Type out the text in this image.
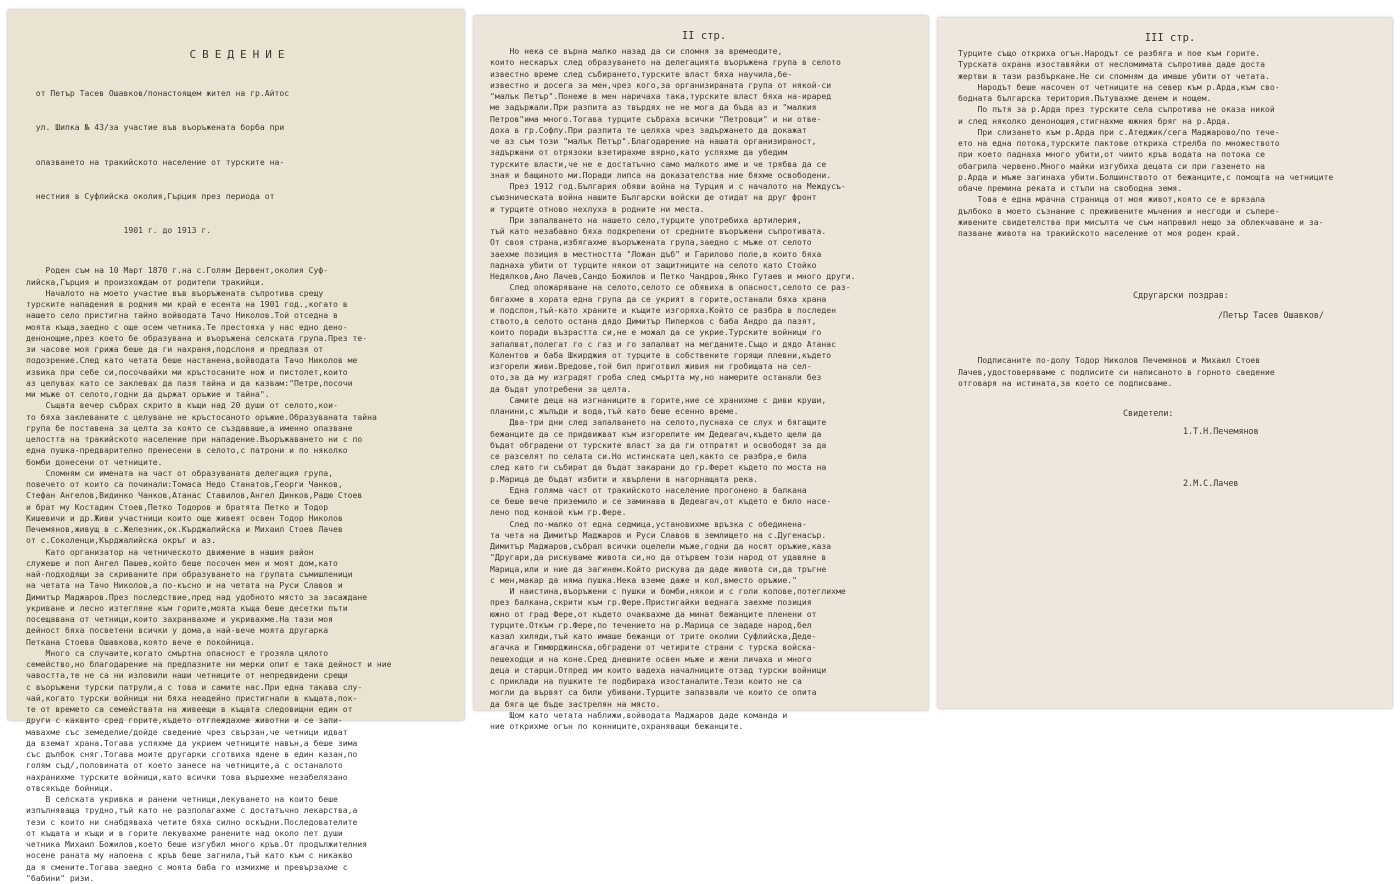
СВЕДЕНИЕ

от Петър Тасев Ошавков/понастоящем жител на гр.Айтос

ул. Шипка № 43/за участие във въоръжената борба при

опазването на тракийското население от турските на-

нестния в Суфлийска околия,Гърция през периода от

1901 г. до 1913 г.

Роден съм на 10 Март 1870 г.на с.Голям Дервент,околия Суф-
лийска,Гърция и произхождам от родители тракийци.
Началото на моето участие във въоръжената съпротива срещу
турските нападения в родния ми край е есента на 1901 год.,когато в
нашето село пристигна тайно войводата Тачо Николов.Той отседна в
моята къща,заедно с още осем четника.Те престояха у нас едно дено-
денонощие,през което бе образувана и въоръжена селската група.През те-
зи часове моя грижа беше да ги нахраня,подслоня и предпазя от
подозрение.След като четата беше настанена,войводата Тачо Николов ме
извика при себе си,посочвайки ми кръстосаните нож и пистолет,които
аз целувах като се заклевах да пазя тайна и да казвам:"Петре,посочи
ми мъже от селото,годни да държат оръжие и тайна".
Същата вечер събрах скрито в къщи над 20 души от селото,кои-
то бяха заклеваните с целуване не кръстосаното оръжие.Образуваната тайна
група бе поставена за целта за която се създаваше,а именно опазване
целостта на тракийското население при нападение.Въоръжаването ни с по
една пушка-предварително пренесени в селото,с патрони и по няколко
бомби донесени от четниците.
Спомням си имената на част от образуваната делегация група,
повечето от които са починали:Томаса Недо Станатов,Георги Чанков,
Стефан Ангелов,Видинко Чанков,Атанас Ставилов,Ангел Динков,Радю Стоев
и брат му Костадин Стоев,Петко Тодоров и братята Петко и Тодор
Кишевичи и др.Живи участници които още живеят освен Тодор Николов
Печемянов,живущ в с.Железник,ок.Кърджалийска и Михаил Стоев Лачев
от с.Соколенци,Кърджалийска окръг и аз.
Като организатор на четническото движение в нашия район
служеше и поп Ангел Пашев,който беше посочен мен и моят дом,като
най-подходящи за скриваните при образуването на групата съмишленици
на четата на Тачо Николов,а по-късно и на четата на Руси Славов и
Димитър Маджаров.През последствие,пред над удобното място за засаждане
укриване и лесно изтегляне към горите,моята къща беше десетки пъти
посещавана от четници,които захранвахме и укривахме.На тази моя
дейност бяха посветени всички у дома,а най-вече моята другарка
Петкана Стоева Ошавкова,която вече е покойница.
Много са случаите,когато смъртна опасност е грозяла цялото
семейство,но благодарение на предпазните ни мерки опит е така дейност и ние
чавостта,те не са ни изловили наши четниците от непредвидени срещи
с въоръжени турски патрули,а с това и самите нас.При една такава слу-
чай,когато турски войници ни бяха неадейно пристигнали в къщата,пок-
те от времето са семействата на живеещи в къщата следовищни един от
други с каквито сред горите,където отглеждахме животни и се запи-
мавахме със земеделие/дойде сведение чрез свързан,че четници идват
да вземат храна.Тогава успяхме да укрием четниците навън,а беше зима
със дълбок сняг.Тогава моите другарки сготвиха ядене в един казан,по
голям съд/,половината от което занесе на четниците,а с останалото
нахранихме турските войници,като всички това вършехме незабелязано
отвсякъде бойници.
В селската укривка и ранени четници,лекуването на които беше
изпълняваща трудно,тъй като не разполагахме с достатъчно лекарства,а
тези с които ни снабдяваха четите бяха силно оскъдни.Последователите
от къщата и къщи и в горите лекувахме ранените над около пет души
четника Михаил Божилов,което беше изгубил много кръв.От продължителния
носене раната му напоена с кръв беше загнила,тъй като към с никакво
да я смените.Тогава заедно с моята баба го измихме и превързахме с
"бабини" ризи.
II стр.
Но нека се върна малко назад да си спомня за времеодите,
които нескаръх след образуването на делегацията въоръжена група в селото
известно време след събирането,турските власт бяха научила,бе-
известно и досега за мен,чрез кого,за организираната група от някой-си
"малък Петър".Понеже в мен наричаха така,турските власт бяха на-ираред
ме задържали.При разпита аз твърдях не не мога да бъда аз и "малкия
Петров"има много.Тогава турците събраха всички "Петровци" и ни отве-
доха в гр.Софлу.При разпита те целяха чрез задържането да докажат
че аз съм този "малък Петър".Благодарение на нашата организираност,
задържани от отрязоки взетирахме вярно,като успяхме да убедим
турските власти,че не е достатъчно само малкото име и че трябва да се
зная и бащиното ми.Поради липса на доказателства ние бяхме освободени.
През 1912 год.България обяви война на Турция и с началото на Междусъ-
съюзническата война нашите Български войски де отидат на друг фронт
и турците отново нехлуха в родните ни места.
При запалването на нашето село,турците употребиха артилерия,
тъй като незабавно бяха подкрепени от средните въоръжени съпротивата.
От своя страна,избягахме въоръжената група,заедно с мъже от селото
заехме позиция в местността "Ложан дъб" и Гарилово поле,в които бяха
паднаха убити от турците някои от защитниците на селото като Стойко
Недялков,Ано Лачев,Сандо Божилов и Петко Чандров,Янко Гутаев и много други.
След опожаряване на селото,селото се обявиха в опасност,селото се раз-
бягахме в хората една група да се укрият в горите,останали бяха храна
и подслон,тъй-като храните и къщите изгоряха.Който се разбра в последен
ството,в селото остана дядо Димитър Пиперков с баба Андро да пазят,
които поради възрастта си,не е можал да се укрие.Турските войници го
запалват,полегат го с газ и го запалват на мегданите.Също и дядо Атанас
Колентов и баба Шкирджия от турците в собствените горящи плевни,където
изгорели живи.Вредове,той бил приготвил живия ни гробищата на сел-
ото,за да му изградят гроба след смъртта му,но намерите останали без
да бъдат употребени за целта.
Самите деца на изгнаниците в горите,ние се хранихме с диви круши,
планини,с жълъди и вода,тъй като беше есенно време.
Два-три дни след запалването на селото,пуснаха се слух и бягащите
бежанците да се придвижват към изгорелите им Дедеагач,където щели да
бъдат обградени от турските власт за да ги отпратят и освободят за да
се разселят по селата си.Но истинската цел,както се разбра,е била
след като ги събират да бъдат закарани до гр.Ферет където по моста на
р.Марица де бъдат избити и хвърлени в нагорнащата река.
Една голяма част от тракийското население прогонено в балкана
се беше вече приземило и се заминава в Дедеагач,от където е било насе-
лено под конвой към гр.Фере.
След по-малко от една седмица,установихме връзка с обединена-
та чета на Димитър Маджаров и Руси Славов в землището на с.Дугенасър.
Димитър Маджаров,събрал всички оцелели мъже,годни да носят оръжие,каза
"Другари,да рискуваме живота си,но да отървем този народ от удавяне в
Марица,или и ние да загинем.Който рискува да даде живота си,да тръгне
с мен,макар да няма пушка.Нека вземе даже и кол,вместо оръжие."
И наистина,въоръжени с пушки и бомби,някои и с голи колове,потеглихме
през балкана,скрити към гр.Фере.Пристигайки веднага заехме позиция
южно от град Фере,от където очаквахме да минат бежанците пленени от
турците.Откъм гр.Фере,по течението на р.Марица се зададе народ,бел
казал хиляди,тъй като имаше бежанци от трите околии Суфлийска,Деде-
агачка и Гюмюрджинска,обградени от четирите страни с турска войска-
пешеходци и на коне.Сред днешните освен мъже и жени личаха и много
деца и старци.Отпред им които вадеха началниците отзад турски войници
с приклади на пушките те подбираха изостаналите.Тези които не са
могли да вървят са били убивани.Турците запазвали че които се опита
да бяга ще бъде застрелян на място.
Щом като четата наближи,войводата Маджаров даде команда и
ние открихме огън по конниците,охраняващи бежанците.
III стр.
Турците също откриха огън.Народът се разбяга и пое към горите.
Турската охрана изоставяйки от несломимата съпротива даде доста
жертви в тази разбъркане.Не си спомням да имаше убити от четата.
Народът беше насочен от четниците на север към р.Арда,към сво-
бодната българска територия.Пътувахме денем и нощем.
По пътя за р.Арда през турските села съпротива не оказа никой
и след няколко денонощия,стигнахме южния бряг на р.Арда.
При слизането към р.Арда при с.Атеджик/сега Маджарово/по тече-
ето на една потока,турските пактове откриха стрелба по множеството
при което паднаха много убити,от чиито кръв водата на потока се
обагрила червено.Много майки изгубиха децата си при газенето на
р.Арда и мъже загинаха убити.Болшинството от бежанците,с помощта на четниците
обаче премина реката и стъпи на свободна земя.
Това е една мрачна страница от моя живот,която се е врязала
дълбоко в моето съзнание с преживените мъчения и несгоди и съпере-
живените свидетелства при мисълта че съм направил нещо за облекчаване и за-
пазване живота на тракийското население от моя роден край.
Сдругарски поздрав:
/Петър Тасев Ошавков/
Подписаните по-долу Тодор Николов Печемянов и Михаил Стоев
Лачев,удостоверяваме с подписите си написаното в горното сведение
отговаря на истината,за което се подписваме.
Свидетели:
1.Т.Н.Печемянов
2.М.С.Лачев
